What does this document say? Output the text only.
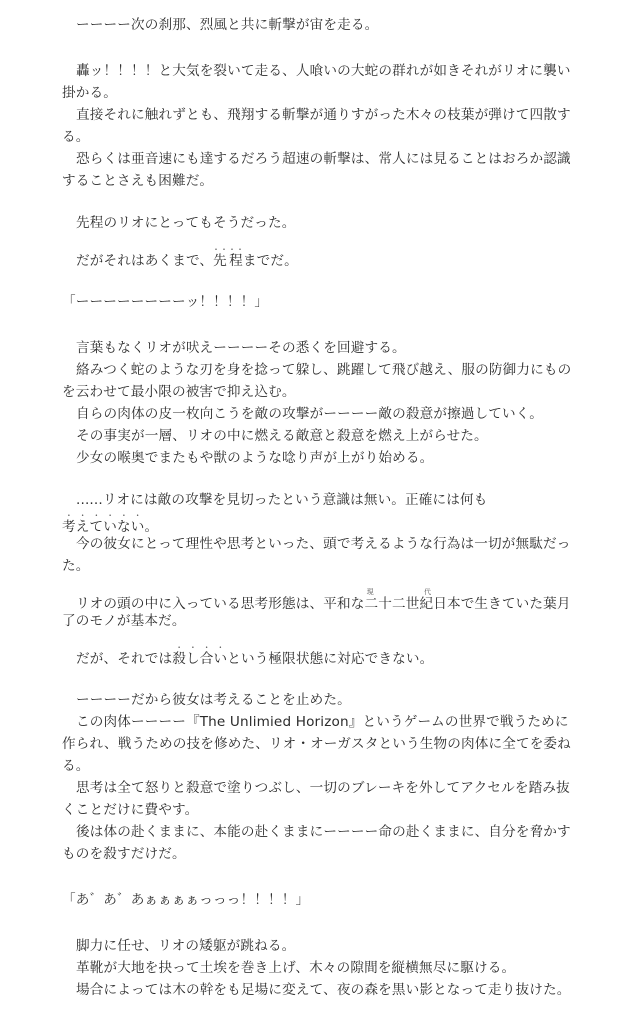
ーーーー次の刹那、烈風と共に斬撃が宙を走る。
轟ッ！！！！と大気を裂いて走る、人喰いの大蛇の群れが如きそれがリオに襲い
掛かる。
直接それに触れずとも、飛翔する斬撃が通りすがった木々の枝葉が弾けて四散す
る。
恐らくは亜音速にも達するだろう超速の斬撃は、常人には見ることはおろか認識
することさえも困難だ。
先程のリオにとってもそうだった。
だがそれはあくまで、先程・・・・までだ。
「ーーーーーーーーッ！！！！」
言葉もなくリオが吠えーーーーその悉くを回避する。
絡みつく蛇のような刃を身を捻って躱し、跳躍して飛び越え、服の防御力にもの
を云わせて最小限の被害で抑え込む。
自らの肉体の皮一枚向こうを敵の攻撃がーーーー敵の殺意が擦過していく。
その事実が一層、リオの中に燃える敵意と殺意を燃え上がらせた。
少女の喉奥でまたもや獣のような唸り声が上がり始める。
......リオには敵の攻撃を見切ったという意識は無い。正確には何も
考えていない・・・・・・。
今の彼女にとって理性や思考といった、頭で考えるような行為は一切が無駄だっ
た。
リオの頭の中に入っている思考形態は、平和な二十二世紀現	代日本で生きていた葉月
了のモノが基本だ。
だが、それでは殺し合い・・・・という極限状態に対応できない。
ーーーーだから彼女は考えることを止めた。
この肉体ーーーー『The Unlimied Horizon』というゲームの世界で戦うために
作られ、戦うための技を修めた、リオ・オーガスタという生物の肉体に全てを委ね
る。
思考は全て怒りと殺意で塗りつぶし、一切のブレーキを外してアクセルを踏み抜
くことだけに費やす。
後は体の赴くままに、本能の赴くままにーーーー命の赴くままに、自分を脅かす
ものを殺すだけだ。
「あ゛あ゛あぁぁぁぁっっっ！！！！」
脚力に任せ、リオの矮躯が跳ねる。
革靴が大地を抉って土埃を巻き上げ、木々の隙間を縦横無尽に駆ける。
場合によっては木の幹をも足場に変えて、夜の森を黒い影となって走り抜けた。
